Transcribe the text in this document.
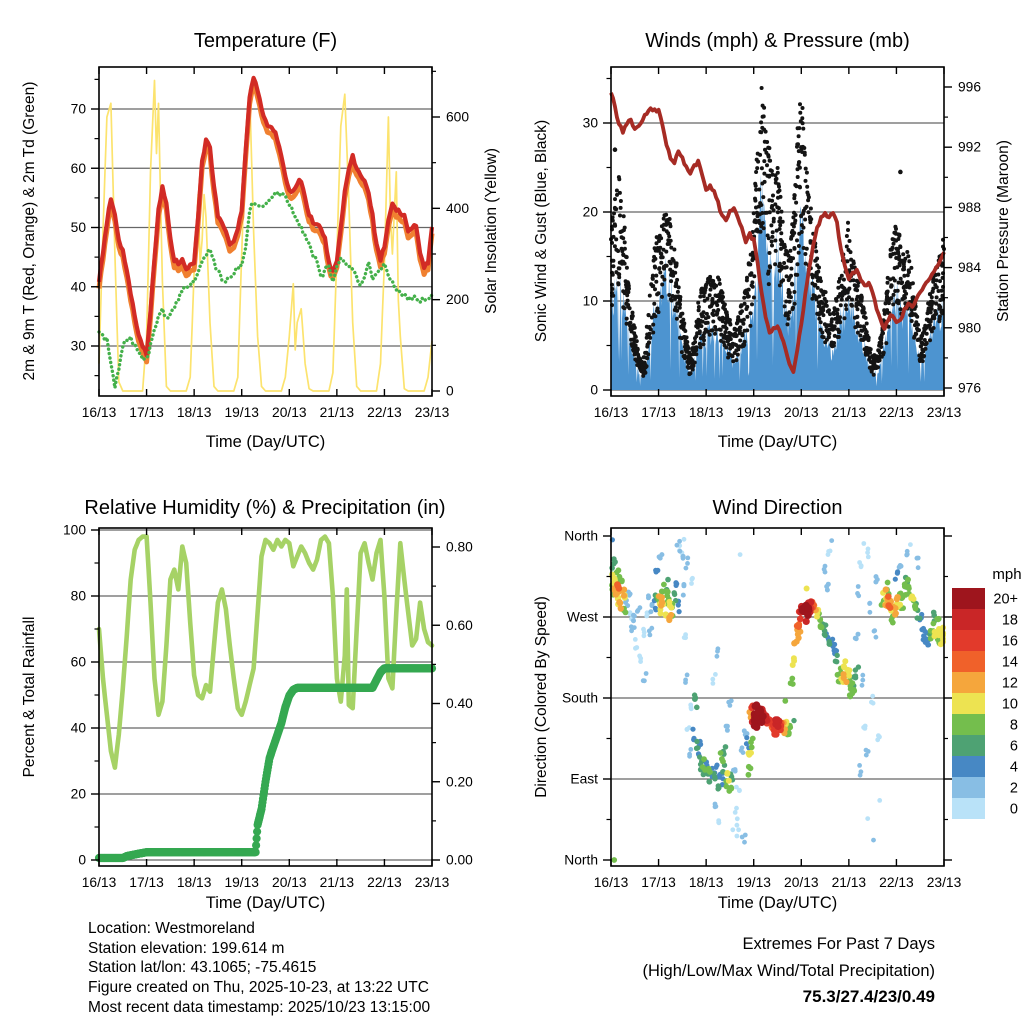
16/13 17/13 18/13 19/13 20/13 21/13 22/13 23/13
30
40
50
60
70
0
200
400
600
16/13 17/13 18/13 19/13 20/13 21/13 22/13 23/13
0
10
20
30
976
980
984
988
992
996
16/13 17/13 18/13 19/13 20/13 21/13 22/13 23/13
0
20
40
60
80
100
0.00
0.20
0.40
0.60
0.80
16/13 17/13 18/13 19/13 20/13 21/13 22/13 23/13
North
West
South
East
North
20+
18
16
14
12
10
8
6
4
2
0
Temperature (F)	Winds (mph) & Pressure (mb)
Relative Humidity (%) & Precipitation (in)	Wind Direction
2m & 9m T (Red, Orange) & 2m Td (Green)	Solar Insolation (Yellow) Sonic Wind & Gust (Blue, Black)	Station Pressure (Maroon)
Percent & Total Rainfall	Direction (Colored By Speed)
Time (Day/UTC)	Time (Day/UTC)
Time (Day/UTC)	Time (Day/UTC)
mph
Location: Westmoreland
Station elevation: 199.614 m
Station lat/lon: 43.1065; -75.4615
Figure created on Thu, 2025-10-23, at 13:22 UTC
Most recent data timestamp: 2025/10/23 13:15:00
Extremes For Past 7 Days
(High/Low/Max Wind/Total Precipitation)
75.3/27.4/23/0.49
